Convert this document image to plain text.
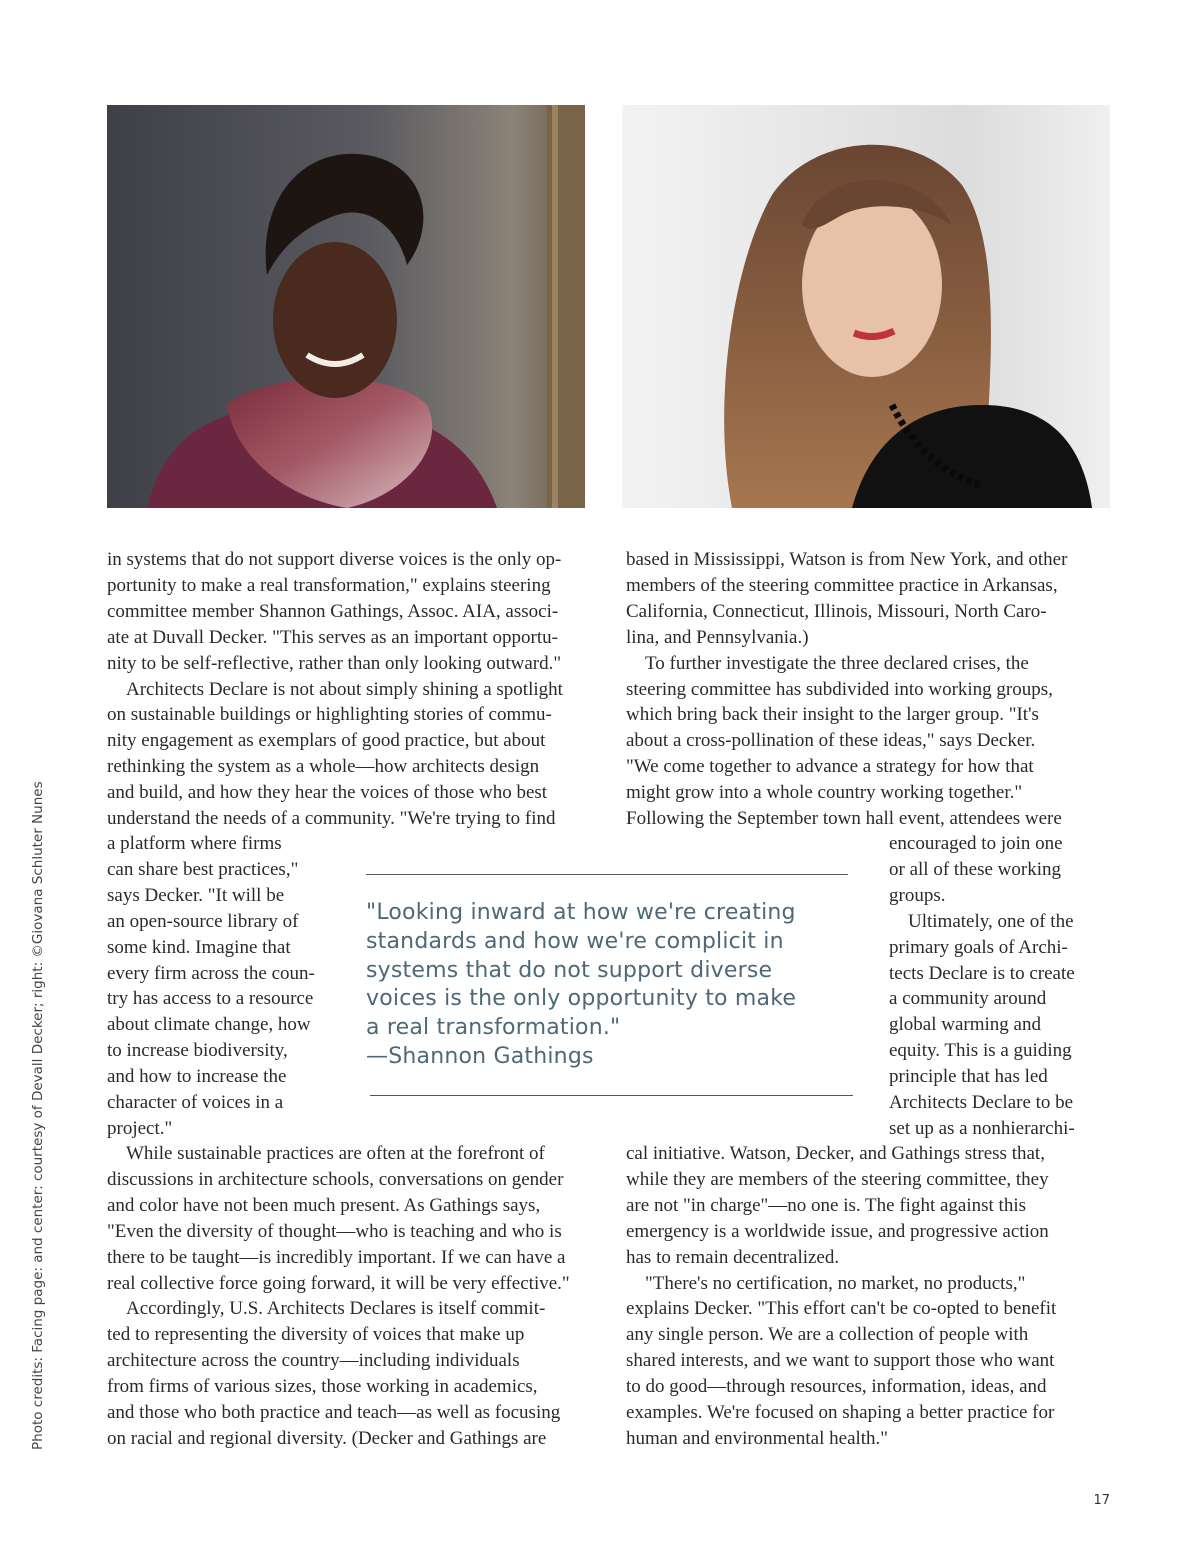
in systems that do not support diverse voices is the only op-

portunity to make a real transformation," explains steering

committee member Shannon Gathings, Assoc. AIA, associ-

ate at Duvall Decker. "This serves as an important opportu-

nity to be self-reflective, rather than only looking outward."

Architects Declare is not about simply shining a spotlight

on sustainable buildings or highlighting stories of commu-

nity engagement as exemplars of good practice, but about

rethinking the system as a whole—how architects design

and build, and how they hear the voices of those who best

understand the needs of a community. "We're trying to find

a platform where firms

can share best practices,"

says Decker. "It will be

an open-source library of

some kind. Imagine that

every firm across the coun-

try has access to a resource

about climate change, how

to increase biodiversity,

and how to increase the

character of voices in a

project."

While sustainable practices are often at the forefront of

discussions in architecture schools, conversations on gender

and color have not been much present. As Gathings says,

"Even the diversity of thought—who is teaching and who is

there to be taught—is incredibly important. If we can have a

real collective force going forward, it will be very effective."

Accordingly, U.S. Architects Declares is itself commit-

ted to representing the diversity of voices that make up

architecture across the country—including individuals

from firms of various sizes, those working in academics,

and those who both practice and teach—as well as focusing

on racial and regional diversity. (Decker and Gathings are

based in Mississippi, Watson is from New York, and other

members of the steering committee practice in Arkansas,

California, Connecticut, Illinois, Missouri, North Caro-

lina, and Pennsylvania.)

To further investigate the three declared crises, the

steering committee has subdivided into working groups,

which bring back their insight to the larger group. "It's

about a cross-pollination of these ideas," says Decker.

"We come together to advance a strategy for how that

might grow into a whole country working together."

Following the September town hall event, attendees were

encouraged to join one

or all of these working

groups.

Ultimately, one of the

primary goals of Archi-

tects Declare is to create

a community around

global warming and

equity. This is a guiding

principle that has led

Architects Declare to be

set up as a nonhierarchi-

cal initiative. Watson, Decker, and Gathings stress that,

while they are members of the steering committee, they

are not "in charge"—no one is. The fight against this

emergency is a worldwide issue, and progressive action

has to remain decentralized.

"There's no certification, no market, no products,"

explains Decker. "This effort can't be co-opted to benefit

any single person. We are a collection of people with

shared interests, and we want to support those who want

to do good—through resources, information, ideas, and

examples. We're focused on shaping a better practice for

human and environmental health."

"Looking inward at how we're creating

standards and how we're complicit in

systems that do not support diverse

voices is the only opportunity to make

a real transformation."

—Shannon Gathings

Photo credits: Facing page: and center: courtesy of Devall Decker; right: ©Giovana Schluter Nunes
17
